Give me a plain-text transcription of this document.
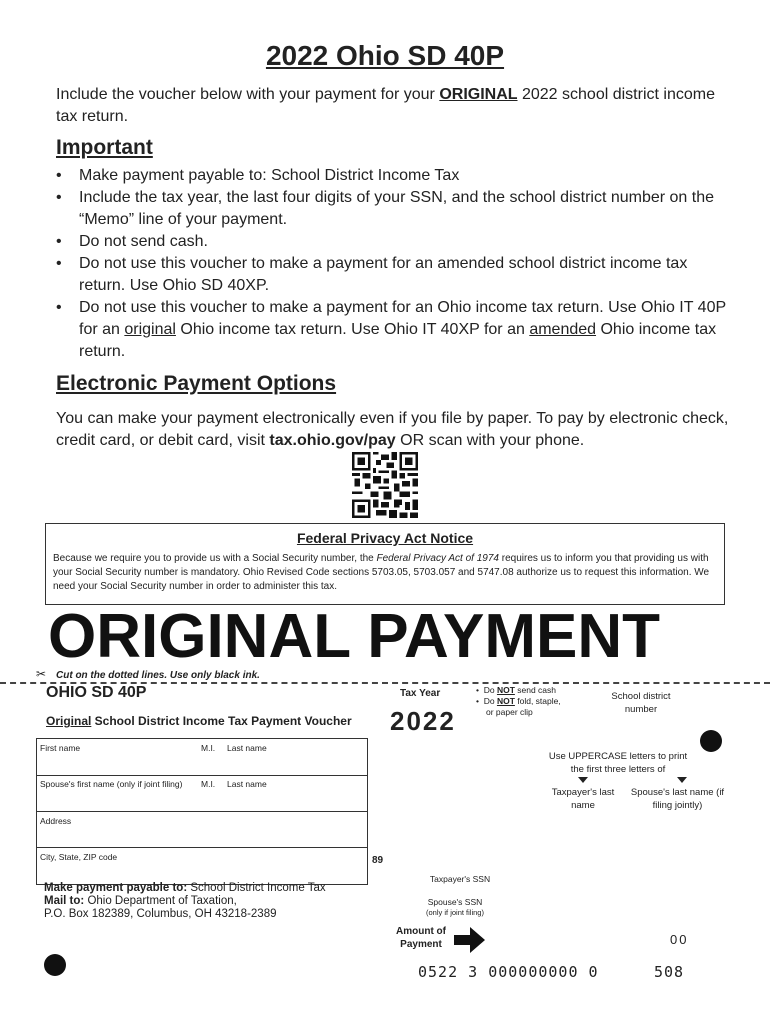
2022 Ohio SD 40P
Include the voucher below with your payment for your ORIGINAL 2022 school district income tax return.
Important
• Make payment payable to: School District Income Tax
• Include the tax year, the last four digits of your SSN, and the school district number on the “Memo” line of your payment.
• Do not send cash.
• Do not use this voucher to make a payment for an amended school district income tax return. Use Ohio SD 40XP.
• Do not use this voucher to make a payment for an Ohio income tax return. Use Ohio IT 40P for an original Ohio income tax return. Use Ohio IT 40XP for an amended Ohio income tax return.
Electronic Payment Options
You can make your payment electronically even if you file by paper. To pay by electronic check, credit card, or debit card, visit tax.ohio.gov/pay OR scan with your phone.
Federal Privacy Act Notice
Because we require you to provide us with a Social Security number, the Federal Privacy Act of 1974 requires us to inform you that providing us with your Social Security number is mandatory. Ohio Revised Code sections 5703.05, 5703.057 and 5747.08 authorize us to request this information. We need your Social Security number in order to administer this tax.
ORIGINAL PAYMENT
✂ Cut on the dotted lines. Use only black ink.
OHIO SD 40P
Original School District Income Tax Payment Voucher
Tax Year
2022
•  Do NOT send cash
•  Do NOT fold, staple,
or paper clip
School district number
First name	M.I. Last name
Spouse's first name (only if joint filing) M.I. Last name
Address
City, State, ZIP code	89
Use UPPERCASE letters to print the first three letters of
Taxpayer's last name
Spouse's last name (if filing jointly)
Make payment payable to: School District Income Tax
Mail to: Ohio Department of Taxation,
P.O. Box 182389, Columbus, OH 43218-2389
Taxpayer's SSN
Spouse's SSN
(only if joint filing)
Amount of
Payment	00
0522 3 000000000 0	508
